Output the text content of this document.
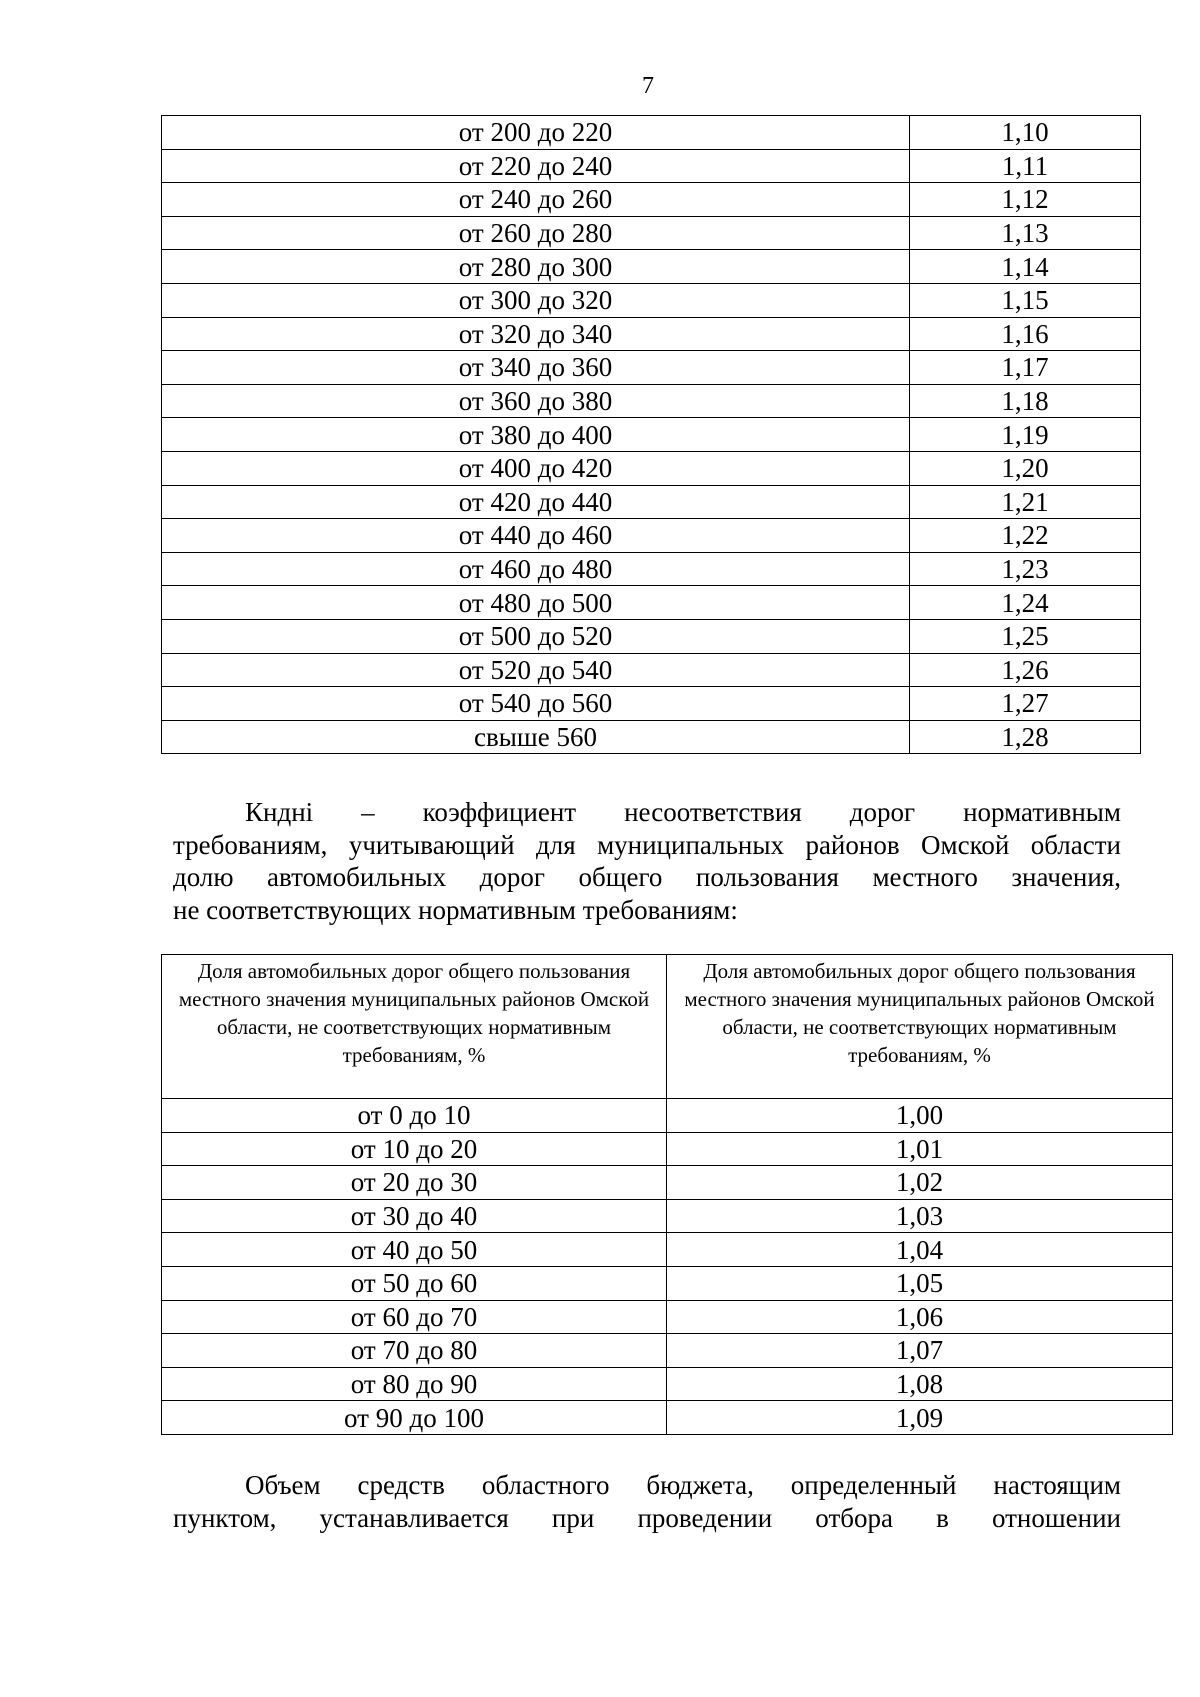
7
от 200 до 220	1,10
от 220 до 240	1,11
от 240 до 260	1,12
от 260 до 280	1,13
от 280 до 300	1,14
от 300 до 320	1,15
от 320 до 340	1,16
от 340 до 360	1,17
от 360 до 380	1,18
от 380 до 400	1,19
от 400 до 420	1,20
от 420 до 440	1,21
от 440 до 460	1,22
от 460 до 480	1,23
от 480 до 500	1,24
от 500 до 520	1,25
от 520 до 540	1,26
от 540 до 560	1,27
свыше 560	1,28
Кндні – коэффициент несоответствия дорог нормативным
требованиям, учитывающий для муниципальных районов Омской области
долю автомобильных дорог общего пользования местного значения,
не соответствующих нормативным требованиям:
Доля автомобильных дорог общего пользования местного значения муниципальных районов Омской области, не соответствующих нормативным требованиям, %	Доля автомобильных дорог общего пользования местного значения муниципальных районов Омской области, не соответствующих нормативным требованиям, %
от 0 до 10	1,00
от 10 до 20	1,01
от 20 до 30	1,02
от 30 до 40	1,03
от 40 до 50	1,04
от 50 до 60	1,05
от 60 до 70	1,06
от 70 до 80	1,07
от 80 до 90	1,08
от 90 до 100	1,09
Объем средств областного бюджета, определенный настоящим
пунктом, устанавливается при проведении отбора в отношении
